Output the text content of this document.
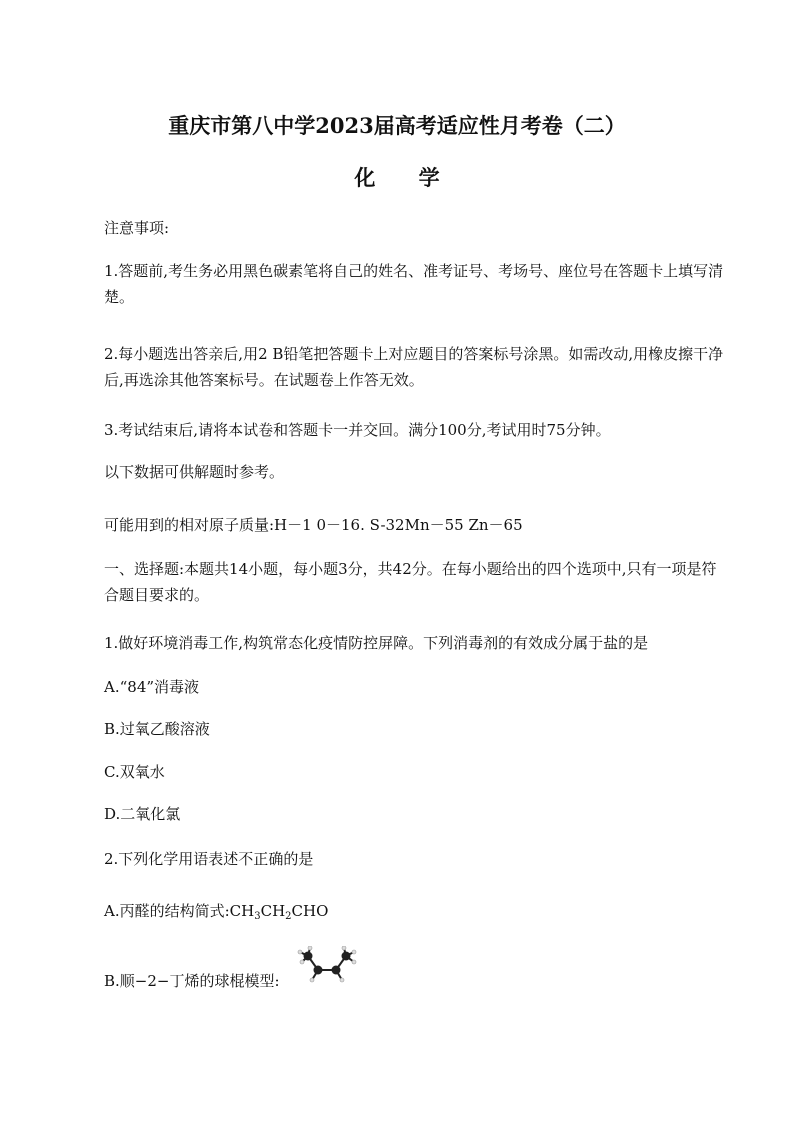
重庆市第八中学2023届高考适应性月考卷（二）
化 学
注意事项:
1.答题前,考生务必用黑色碳素笔将自己的姓名、准考证号、考场号、座位号在答题卡上填写清楚。
2.每小题选出答亲后,用2 B铅笔把答题卡上对应题目的答案标号涂黑。如需改动,用橡皮擦干净后,再选涂其他答案标号。在试题卷上作答无效。
3.考试结束后,请将本试卷和答题卡一并交回。满分100分,考试用时75分钟。
以下数据可供解题时参考。
可能用到的相对原子质量:H－1 0－16. S-32Mn－55 Zn－65
一、选择题:本题共14小题，每小题3分，共42分。在每小题给出的四个选项中,只有一项是符合题目要求的。
1.做好环境消毒工作,构筑常态化疫情防控屏障。下列消毒剂的有效成分属于盐的是
A.“84”消毒液
B.过氧乙酸溶液
C.双氧水
D.二氧化氯
2.下列化学用语表述不正确的是
A.丙醛的结构简式$:CH_3CH_2CHO$
B.顺−2−丁烯的球棍模型:
